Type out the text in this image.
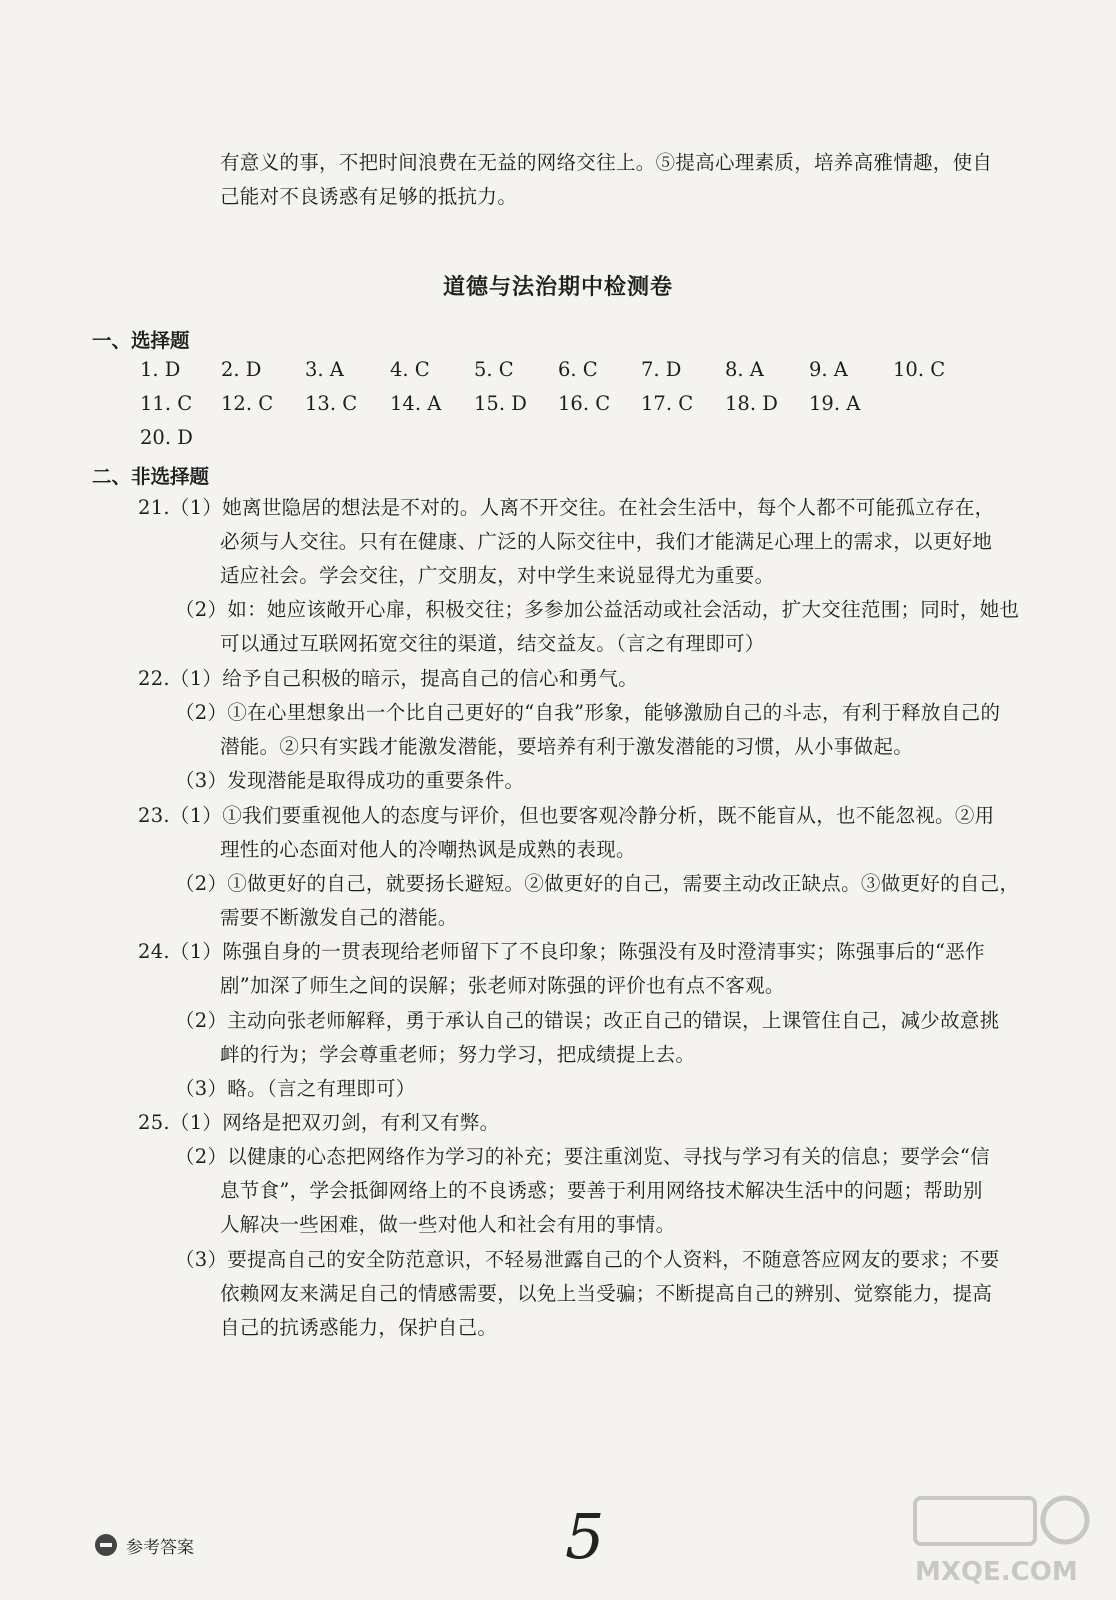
有意义的事，不把时间浪费在无益的网络交往上。⑤提高心理素质，培养高雅情趣，使自
己能对不良诱惑有足够的抵抗力。
道德与法治期中检测卷
一、选择题
1. D 2. D 3. A 4. C 5. C 6. C 7. D 8. A 9. A 10. C
11. C 12. C 13. C 14. A 15. D 16. C 17. C 18. D 19. A
20. D
二、非选择题
21.（1）她离世隐居的想法是不对的。人离不开交往。在社会生活中，每个人都不可能孤立存在，
必须与人交往。只有在健康、广泛的人际交往中，我们才能满足心理上的需求，以更好地
适应社会。学会交往，广交朋友，对中学生来说显得尤为重要。
（2）如：她应该敞开心扉，积极交往；多参加公益活动或社会活动，扩大交往范围；同时，她也
可以通过互联网拓宽交往的渠道，结交益友。（言之有理即可）
22.（1）给予自己积极的暗示，提高自己的信心和勇气。
（2）①在心里想象出一个比自己更好的“自我”形象，能够激励自己的斗志，有利于释放自己的
潜能。②只有实践才能激发潜能，要培养有利于激发潜能的习惯，从小事做起。
（3）发现潜能是取得成功的重要条件。
23.（1）①我们要重视他人的态度与评价，但也要客观冷静分析，既不能盲从，也不能忽视。②用
理性的心态面对他人的冷嘲热讽是成熟的表现。
（2）①做更好的自己，就要扬长避短。②做更好的自己，需要主动改正缺点。③做更好的自己，
需要不断激发自己的潜能。
24.（1）陈强自身的一贯表现给老师留下了不良印象；陈强没有及时澄清事实；陈强事后的“恶作
剧”加深了师生之间的误解；张老师对陈强的评价也有点不客观。
（2）主动向张老师解释，勇于承认自己的错误；改正自己的错误，上课管住自己，减少故意挑
衅的行为；学会尊重老师；努力学习，把成绩提上去。
（3）略。（言之有理即可）
25.（1）网络是把双刃剑，有利又有弊。
（2）以健康的心态把网络作为学习的补充；要注重浏览、寻找与学习有关的信息；要学会“信
息节食”，学会抵御网络上的不良诱惑；要善于利用网络技术解决生活中的问题；帮助别
人解决一些困难，做一些对他人和社会有用的事情。
（3）要提高自己的安全防范意识，不轻易泄露自己的个人资料，不随意答应网友的要求；不要
依赖网友来满足自己的情感需要，以免上当受骗；不断提高自己的辨别、觉察能力，提高
自己的抗诱惑能力，保护自己。
参考答案	5	MXQE.COM
